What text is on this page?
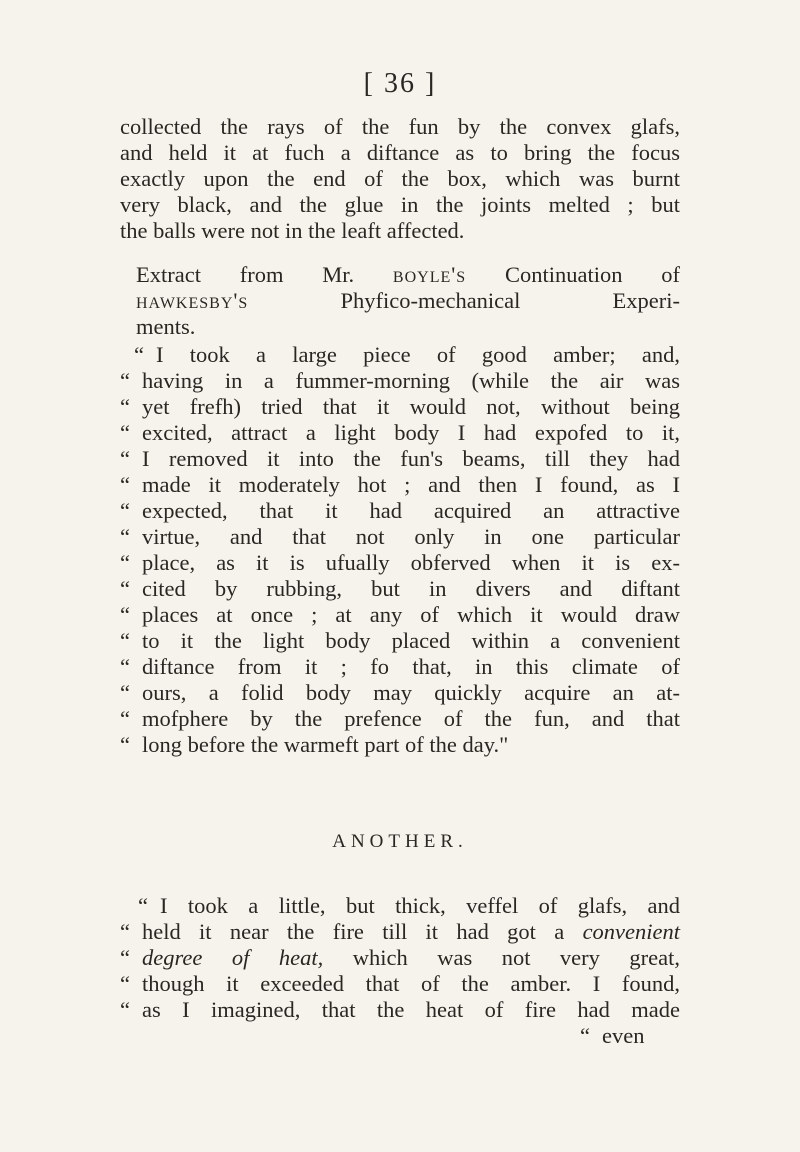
[ 36 ]
collected the rays of the fun by the convex glafs,
and held it at fuch a diftance as to bring the focus
exactly upon the end of the box, which was burnt
very black, and the glue in the joints melted ; but
the balls were not in the leaft affected.
Extract from Mr. boyle's Continuation of
hawkesby's	Phyfico-mechanical Experi-
ments.
“ I took a large piece of good amber; and,
“ having in a fummer-morning (while the air was
“ yet frefh) tried that it would not, without being
“ excited, attract a light body I had expofed to it,
“ I removed it into the fun's beams, till they had
“ made it moderately hot ; and then I found, as I
“ expected, that it had acquired an attractive
“ virtue, and that not only in one particular
“ place, as it is ufually obferved when it is ex-
“ cited by rubbing, but in divers and diftant
“ places at once ; at any of which it would draw
“ to it the light body placed within a convenient
“ diftance from it ; fo that, in this climate of
“ ours, a folid body may quickly acquire an at-
“ mofphere by the prefence of the fun, and that
“ long before the warmeft part of the day."
ANOTHER.
“ I took a little, but thick, veffel of glafs, and
“ held it near the fire till it had got a convenient
“ degree of heat, which was not very great,
“ though it exceeded that of the amber. I found,
“ as I imagined, that the heat of fire had made
“ even
